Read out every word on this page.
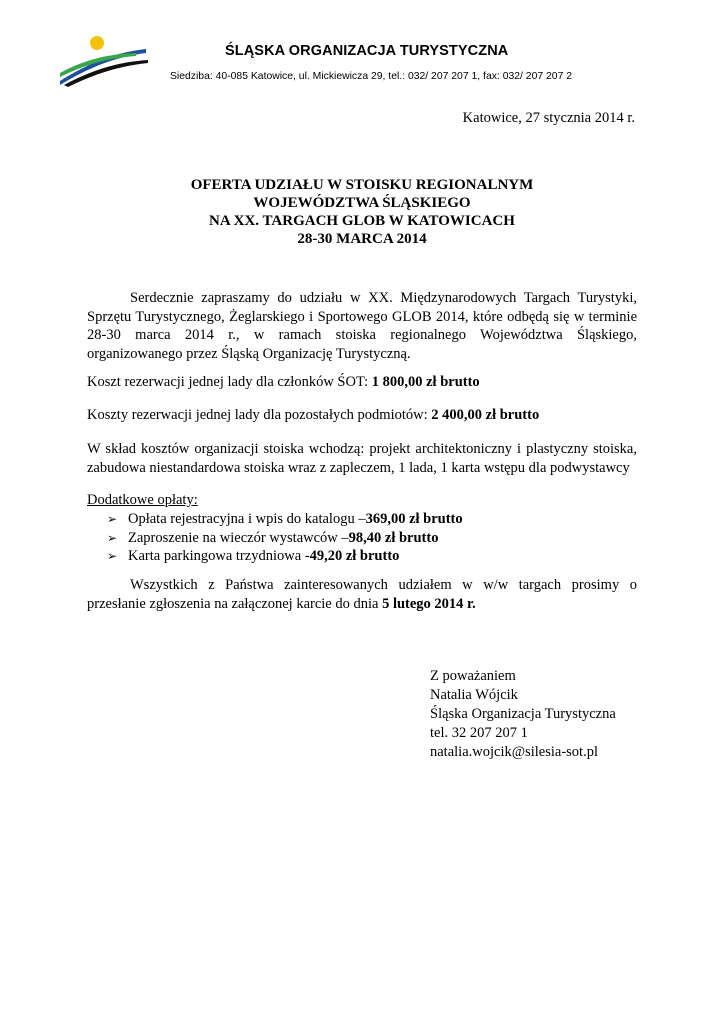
ŚLĄSKA ORGANIZACJA TURYSTYCZNA
Siedziba: 40-085 Katowice, ul. Mickiewicza 29, tel.: 032/ 207 207 1, fax: 032/ 207 207 2
Katowice, 27 stycznia 2014 r.
OFERTA UDZIAŁU W STOISKU REGIONALNYM
WOJEWÓDZTWA ŚLĄSKIEGO
NA XX. TARGACH GLOB W KATOWICACH
28-30 MARCA 2014
Serdecznie zapraszamy do udziału w XX. Międzynarodowych Targach Turystyki, Sprzętu Turystycznego, Żeglarskiego i Sportowego GLOB 2014, które odbędą się w terminie 28-30 marca 2014 r., w ramach stoiska regionalnego Województwa Śląskiego, organizowanego przez Śląską Organizację Turystyczną.
Koszt rezerwacji jednej lady dla członków ŚOT: 1 800,00 zł brutto
Koszty rezerwacji jednej lady dla pozostałych podmiotów: 2 400,00 zł brutto
W skład kosztów organizacji stoiska wchodzą: projekt architektoniczny i plastyczny stoiska, zabudowa niestandardowa stoiska wraz z zapleczem, 1 lada, 1 karta wstępu dla podwystawcy
Dodatkowe opłaty:
➢ Opłata rejestracyjna i wpis do katalogu – 369,00 zł brutto
➢ Zaproszenie na wieczór wystawców – 98,40 zł brutto
➢ Karta parkingowa trzydniowa - 49,20 zł brutto
Wszystkich z Państwa zainteresowanych udziałem w w/w targach prosimy o przesłanie zgłoszenia na załączonej karcie do dnia 5 lutego 2014 r.
Z poważaniem
Natalia Wójcik
Śląska Organizacja Turystyczna
tel. 32 207 207 1
natalia.wojcik@silesia-sot.pl
